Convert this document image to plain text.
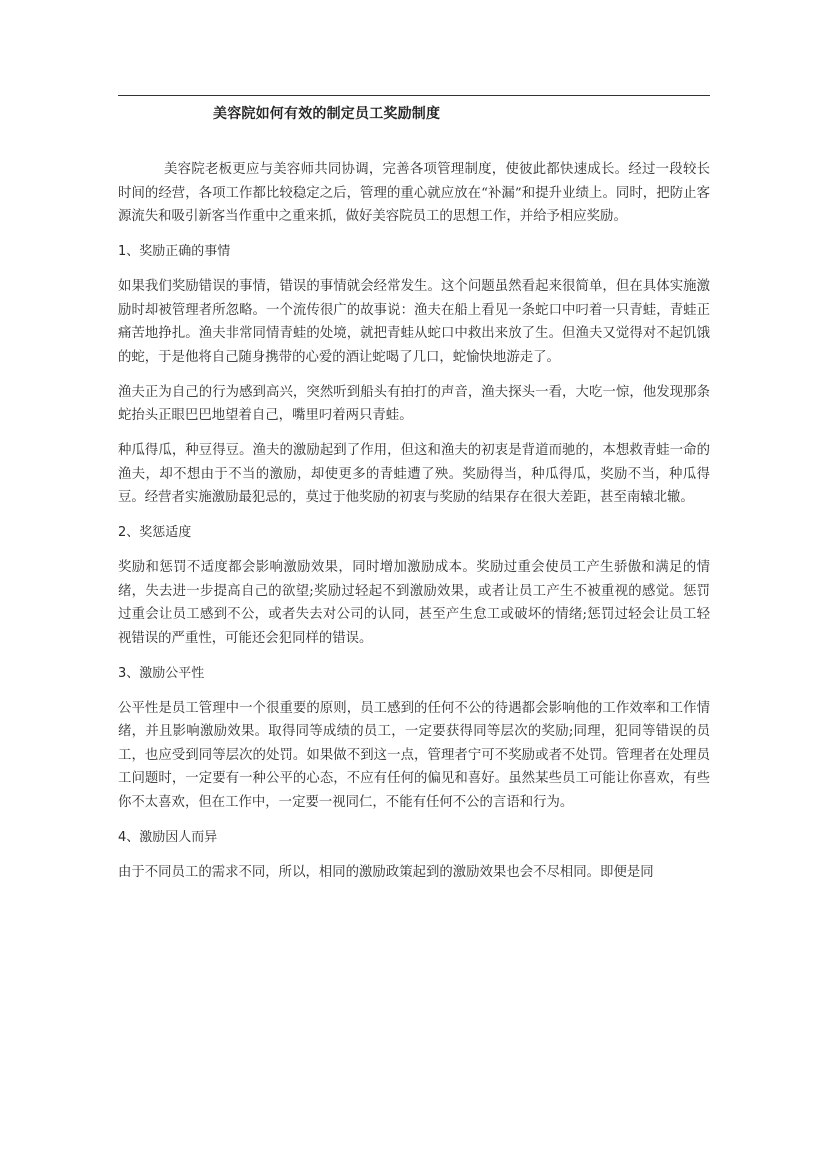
美容院如何有效的制定员工奖励制度

美容院老板更应与美容师共同协调，完善各项管理制度，使彼此都快速成长。经过一段较长时间的经营，各项工作都比较稳定之后，管理的重心就应放在“补漏”和提升业绩上。同时，把防止客源流失和吸引新客当作重中之重来抓，做好美容院员工的思想工作，并给予相应奖励。

1、奖励正确的事情

如果我们奖励错误的事情，错误的事情就会经常发生。这个问题虽然看起来很简单，但在具体实施激励时却被管理者所忽略。一个流传很广的故事说：渔夫在船上看见一条蛇口中叼着一只青蛙，青蛙正痛苦地挣扎。渔夫非常同情青蛙的处境，就把青蛙从蛇口中救出来放了生。但渔夫又觉得对不起饥饿的蛇，于是他将自己随身携带的心爱的酒让蛇喝了几口，蛇愉快地游走了。

渔夫正为自己的行为感到高兴，突然听到船头有拍打的声音，渔夫探头一看，大吃一惊，他发现那条蛇抬头正眼巴巴地望着自己，嘴里叼着两只青蛙。

种瓜得瓜，种豆得豆。渔夫的激励起到了作用，但这和渔夫的初衷是背道而驰的，本想救青蛙一命的渔夫，却不想由于不当的激励，却使更多的青蛙遭了殃。奖励得当，种瓜得瓜，奖励不当，种瓜得豆。经营者实施激励最犯忌的，莫过于他奖励的初衷与奖励的结果存在很大差距，甚至南辕北辙。

2、奖惩适度

奖励和惩罚不适度都会影响激励效果，同时增加激励成本。奖励过重会使员工产生骄傲和满足的情绪，失去进一步提高自己的欲望;奖励过轻起不到激励效果，或者让员工产生不被重视的感觉。惩罚过重会让员工感到不公，或者失去对公司的认同，甚至产生怠工或破坏的情绪;惩罚过轻会让员工轻视错误的严重性，可能还会犯同样的错误。

3、激励公平性

公平性是员工管理中一个很重要的原则，员工感到的任何不公的待遇都会影响他的工作效率和工作情绪，并且影响激励效果。取得同等成绩的员工，一定要获得同等层次的奖励;同理，犯同等错误的员工，也应受到同等层次的处罚。如果做不到这一点，管理者宁可不奖励或者不处罚。管理者在处理员工问题时，一定要有一种公平的心态，不应有任何的偏见和喜好。虽然某些员工可能让你喜欢，有些你不太喜欢，但在工作中，一定要一视同仁，不能有任何不公的言语和行为。

4、激励因人而异

由于不同员工的需求不同，所以，相同的激励政策起到的激励效果也会不尽相同。即便是同
